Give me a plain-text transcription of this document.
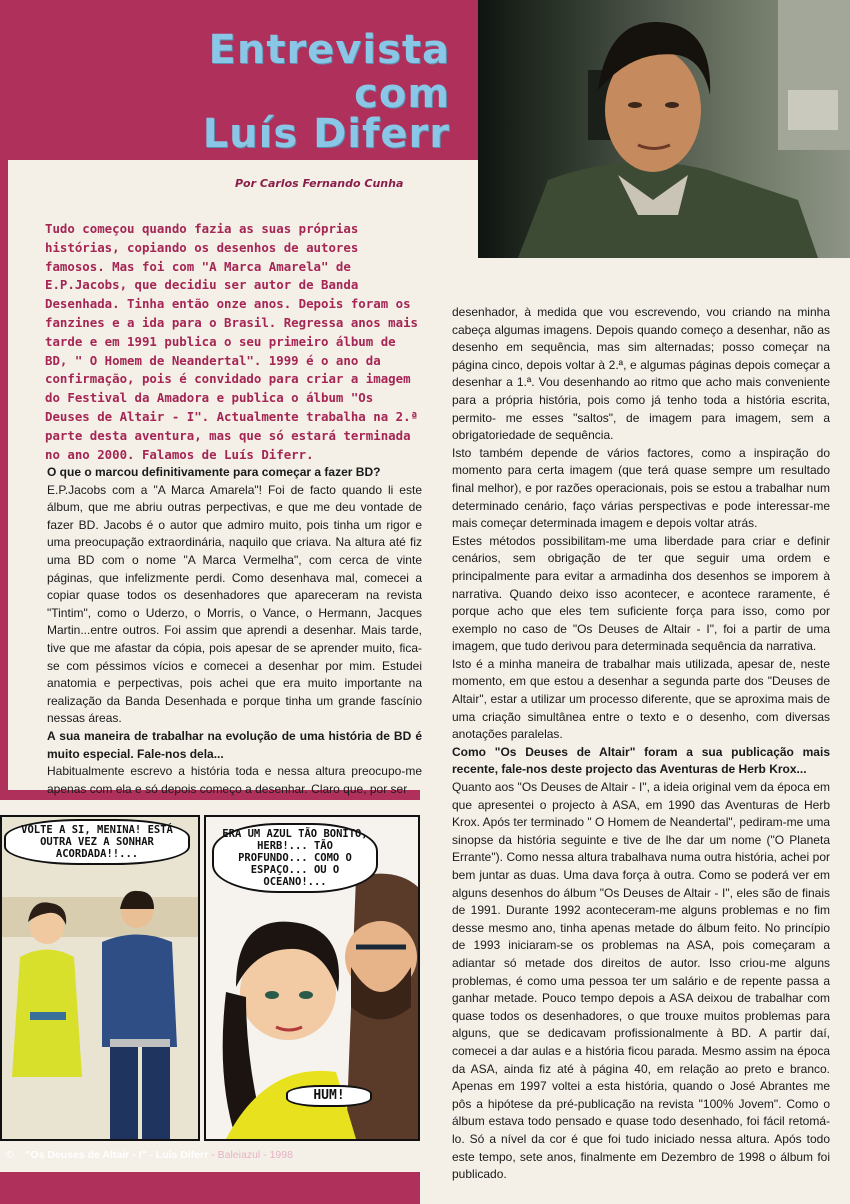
Entrevista
com
Luís Diferr
Por Carlos Fernando Cunha
Tudo começou quando fazia as suas próprias histórias, copiando os desenhos de autores famosos. Mas foi com "A Marca Amarela" de E.P.Jacobs, que decidiu ser autor de Banda Desenhada. Tinha então onze anos. Depois foram os fanzines e a ida para o Brasil. Regressa anos mais tarde e em 1991 publica o seu primeiro álbum de BD, " O Homem de Neandertal". 1999 é o ano da confirmação, pois é convidado para criar a imagem do Festival da Amadora e publica o álbum "Os Deuses de Altair - I". Actualmente trabalha na 2.ª parte desta aventura, mas que só estará terminada no ano 2000. Falamos de Luís Diferr.

O que o marcou definitivamente para começar a fazer BD?

E.P.Jacobs com a "A Marca Amarela"! Foi de facto quando li este álbum, que me abriu outras perpectivas, e que me deu vontade de fazer BD. Jacobs é o autor que admiro muito, pois tinha um rigor e uma preocupação extraordinária, naquilo que criava. Na altura até fiz uma BD com o nome "A Marca Vermelha", com cerca de vinte páginas, que infelizmente perdi. Como desenhava mal, comecei a copiar quase todos os desenhadores que apareceram na revista "Tintim", como o Uderzo, o Morris, o Vance, o Hermann, Jacques Martin...entre outros. Foi assim que aprendi a desenhar. Mais tarde, tive que me afastar da cópia, pois apesar de se aprender muito, fica-se com péssimos vícios e comecei a desenhar por mim. Estudei anatomia e perpectivas, pois achei que era muito importante na realização da Banda Desenhada e porque tinha um grande fascínio nessas áreas.

A sua maneira de trabalhar na evolução de uma história de BD é muito especial. Fale-nos dela...

Habitualmente escrevo a história toda e nessa altura preocupo-me apenas com ela e só depois começo a desenhar. Claro que, por ser

desenhador, à medida que vou escrevendo, vou criando na minha cabeça algumas imagens. Depois quando começo a desenhar, não as desenho em sequência, mas sim alternadas; posso começar na página cinco, depois voltar à 2.ª, e algumas páginas depois começar a desenhar a 1.ª. Vou desenhando ao ritmo que acho mais conveniente para a própria história, pois como já tenho toda a história escrita, permito- me esses "saltos", de imagem para imagem, sem a obrigatoriedade de sequência.

Isto também depende de vários factores, como a inspiração do momento para certa imagem (que terá quase sempre um resultado final melhor), e por razões operacionais, pois se estou a trabalhar num determinado cenário, faço várias perspectivas e pode interessar-me mais começar determinada imagem e depois voltar atrás.

Estes métodos possibilitam-me uma liberdade para criar e definir cenários, sem obrigação de ter que seguir uma ordem e principalmente para evitar a armadinha dos desenhos se imporem à narrativa. Quando deixo isso acontecer, e acontece raramente, é porque acho que eles tem suficiente força para isso, como por exemplo no caso de "Os Deuses de Altair - I", foi a partir de uma imagem, que tudo derivou para determinada sequência da narrativa.

Isto é a minha maneira de trabalhar mais utilizada, apesar de, neste momento, em que estou a desenhar a segunda parte dos "Deuses de Altair", estar a utilizar um processo diferente, que se aproxima mais de uma criação simultânea entre o texto e o desenho, com diversas anotações paralelas.

Como "Os Deuses de Altair" foram a sua publicação mais recente, fale-nos deste projecto das Aventuras de Herb Krox...

Quanto aos "Os Deuses de Altair - I", a ideia original vem da época em que apresentei o projecto à ASA, em 1990 das Aventuras de Herb Krox. Após ter terminado " O Homem de Neandertal", pediram-me uma sinopse da história seguinte e tive de lhe dar um nome ("O Planeta Errante"). Como nessa altura trabalhava numa outra história, achei por bem juntar as duas. Uma dava força à outra. Como se poderá ver em alguns desenhos do álbum "Os Deuses de Altair - I", eles são de finais de 1991. Durante 1992 aconteceram-me alguns problemas e no fim desse mesmo ano, tinha apenas metade do álbum feito. No princípio de 1993 iniciaram-se os problemas na ASA, pois começaram a adiantar só metade dos direitos de autor. Isso criou-me alguns problemas, é como uma pessoa ter um salário e de repente passa a ganhar metade. Pouco tempo depois a ASA deixou de trabalhar com quase todos os desenhadores, o que trouxe muitos problemas para alguns, que se dedicavam profissionalmente à BD. A partir daí, comecei a dar aulas e a história ficou parada. Mesmo assim na época da ASA, ainda fiz até à página 40, em relação ao preto e branco. Apenas em 1997 voltei a esta história, quando o José Abrantes me pôs a hipótese da pré-publicação na revista "100% Jovem". Como o álbum estava todo pensado e quase todo desenhado, foi fácil retomá-lo. Só a nível da cor é que foi tudo iniciado nessa altura. Após todo este tempo, sete anos, finalmente em Dezembro de 1998 o álbum foi publicado.

VOLTE A SI, MENINA! ESTÁ OUTRA VEZ A SONHAR ACORDADA!!...
ERA UM AZUL TÃO BONITO, HERB!... TÃO PROFUNDO... COMO O ESPAÇO... OU O OCEANO!...
HUM!
© "Os Deuses de Altair - I" - Luís Diferr - Baleiazul - 1998
